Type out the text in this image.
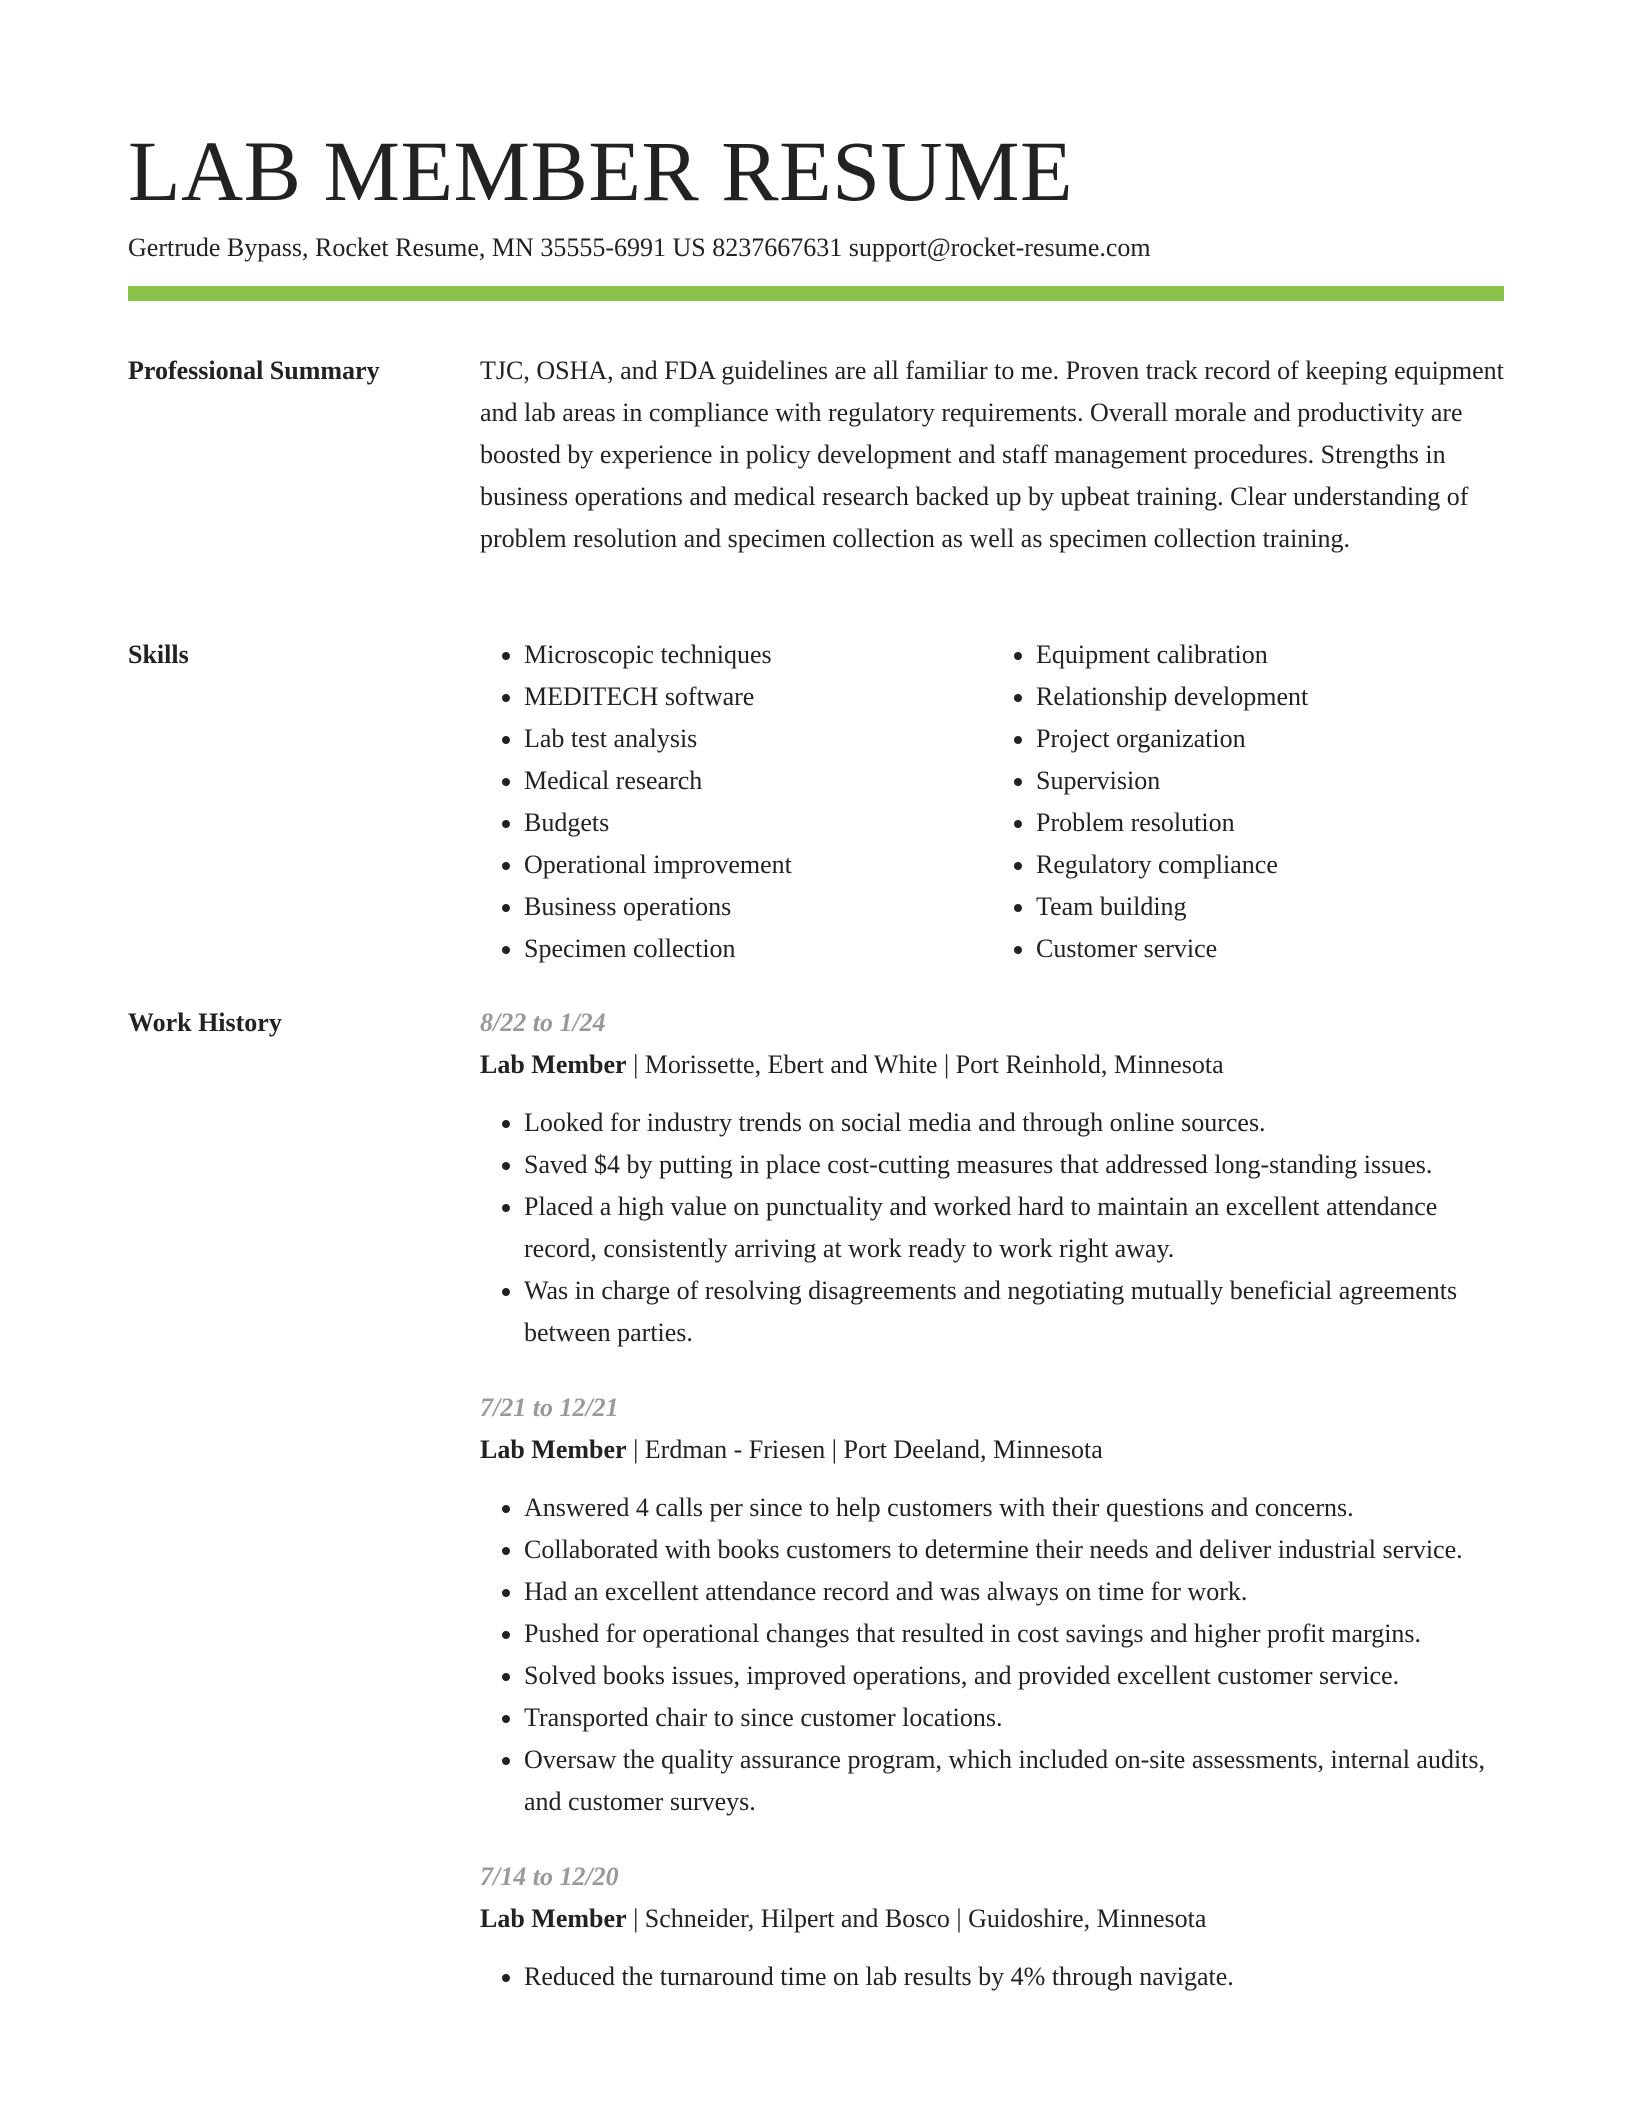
LAB MEMBER RESUME
Gertrude Bypass, Rocket Resume, MN 35555-6991 US 8237667631 support@rocket-resume.com
Professional Summary	TJC, OSHA, and FDA guidelines are all familiar to me. Proven track record of keeping equipment and lab areas in compliance with regulatory requirements. Overall morale and productivity are boosted by experience in policy development and staff management procedures. Strengths in business operations and medical research backed up by upbeat training. Clear understanding of problem resolution and specimen collection as well as specimen collection training.

Skills
•	Microscopic techniques
• MEDITECH software
• Lab test analysis
• Medical research
• Budgets
• Operational improvement
• Business operations
• Specimen collection
• Equipment calibration
• Relationship development
• Project organization
• Supervision
• Problem resolution
• Regulatory compliance
• Team building
• Customer service
Work History	8/22 to 1/24
Lab Member | Morissette, Ebert and White | Port Reinhold, Minnesota
• Looked for industry trends on social media and through online sources.
• Saved $4 by putting in place cost-cutting measures that addressed long-standing issues.
• Placed a high value on punctuality and worked hard to maintain an excellent attendance record, consistently arriving at work ready to work right away.
• Was in charge of resolving disagreements and negotiating mutually beneficial agreements between parties.
7/21 to 12/21
Lab Member | Erdman - Friesen | Port Deeland, Minnesota
• Answered 4 calls per since to help customers with their questions and concerns.
• Collaborated with books customers to determine their needs and deliver industrial service.
• Had an excellent attendance record and was always on time for work.
• Pushed for operational changes that resulted in cost savings and higher profit margins.
• Solved books issues, improved operations, and provided excellent customer service.
• Transported chair to since customer locations.
• Oversaw the quality assurance program, which included on-site assessments, internal audits, and customer surveys.
7/14 to 12/20
Lab Member | Schneider, Hilpert and Bosco | Guidoshire, Minnesota
• Reduced the turnaround time on lab results by 4% through navigate.
